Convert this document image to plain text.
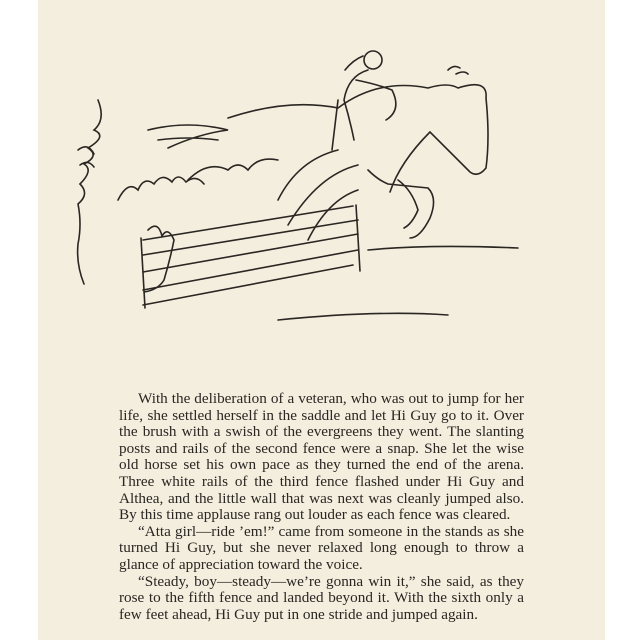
With the deliberation of a veteran, who was out to jump for her life, she settled herself in the saddle and let Hi Guy go to it. Over the brush with a swish of the evergreens they went. The slanting posts and rails of the second fence were a snap. She let the wise old horse set his own pace as they turned the end of the arena. Three white rails of the third fence flashed under Hi Guy and Althea, and the little wall that was next was cleanly jumped also. By this time applause rang out louder as each fence was cleared.

“Atta girl—ride ’em!” came from someone in the stands as she turned Hi Guy, but she never relaxed long enough to throw a glance of appreciation toward the voice.

“Steady, boy—steady—we’re gonna win it,” she said, as they rose to the fifth fence and landed beyond it. With the sixth only a few feet ahead, Hi Guy put in one stride and jumped again.
